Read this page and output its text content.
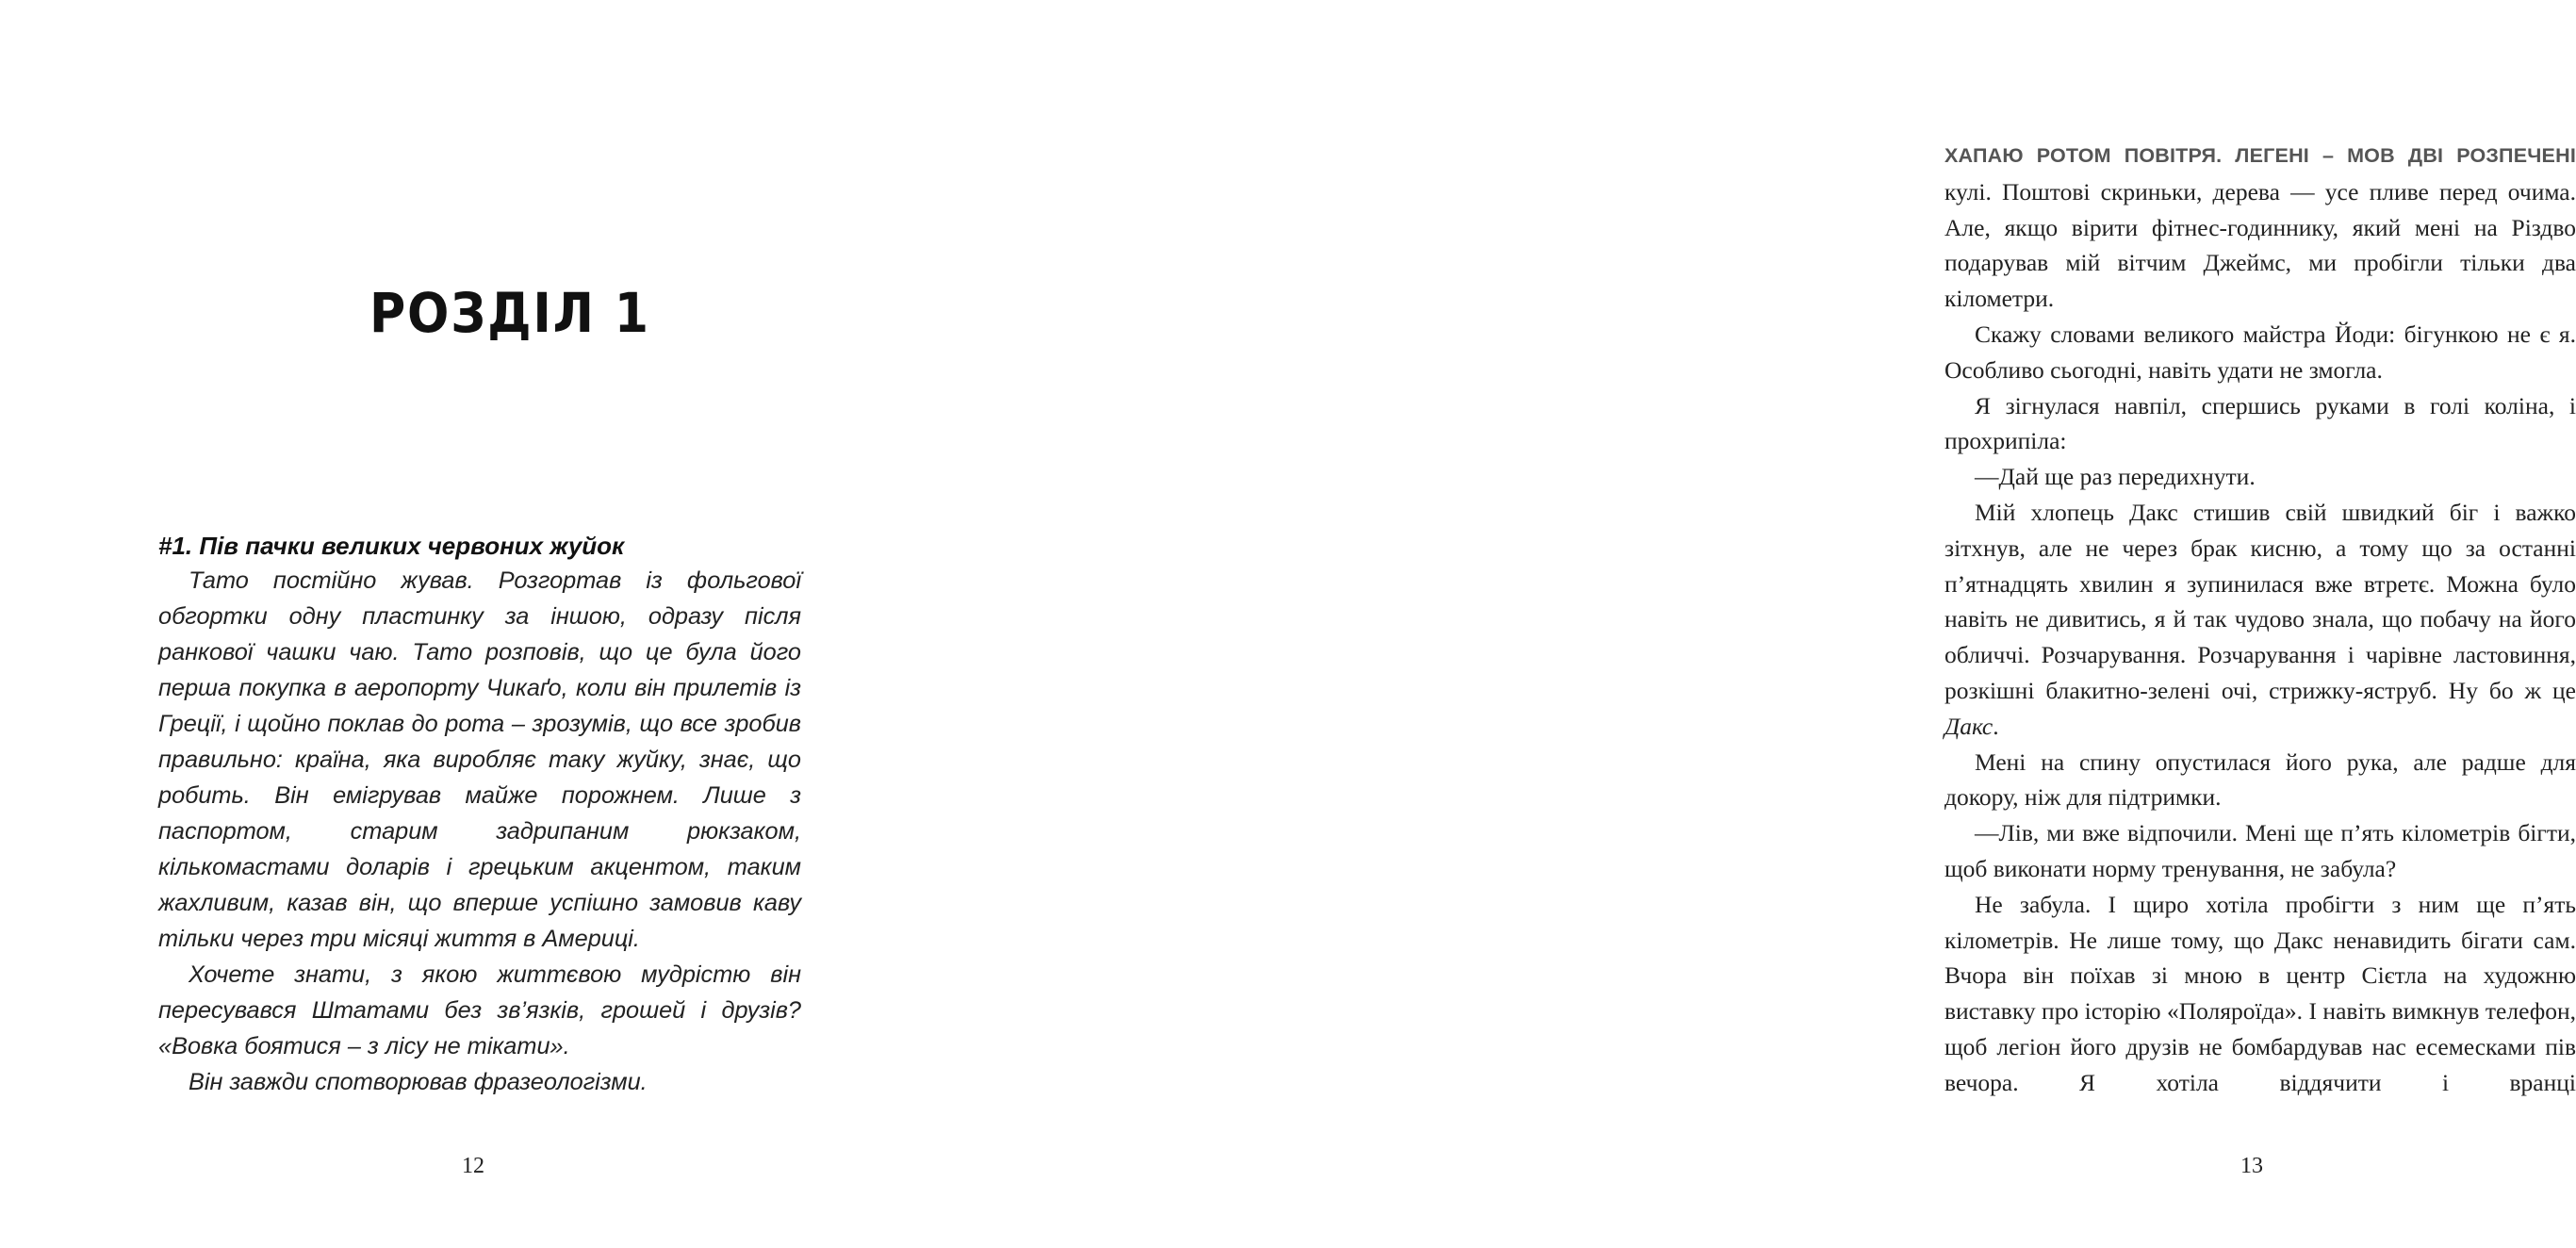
РОЗДІЛ 1
#1. Пів пачки великих червоних жуйок

Тато постійно жував. Розгортав із фольгової обгортки одну пластинку за іншою, одразу після ранкової чашки чаю. Тато розповів, що це була його перша покупка в аеропорту Чикаґо, коли він прилетів із Греції, і щойно поклав до рота – зрозумів, що все зробив правильно: країна, яка виробляє таку жуйку, знає, що робить. Він емігрував майже порожнем. Лише з паспортом, старим задрипаним рюкзаком, кількомастами доларів і грецьким акцентом, таким жахливим, казав він, що вперше успішно замовив каву тільки через три місяці життя в Америці.

Хочете знати, з якою життєвою мудрістю він пересувався Штатами без зв’язків, грошей і друзів? «Вовка боятися – з лісу не тікати».

Він завжди спотворював фразеологізми.

12

ХАПАЮ РОТОМ ПОВІТРЯ. ЛЕГЕНІ – МОВ ДВІ РОЗПЕЧЕНІ

кулі. Поштові скриньки, дерева — усе пливе перед очима. Але, якщо вірити фітнес-годиннику, який мені на Різдво подарував мій вітчим Джеймс, ми пробігли тільки два кілометри.

Скажу словами великого майстра Йоди: бігункою не є я. Особливо сьогодні, навіть удати не змогла.

Я зігнулася навпіл, спершись руками в голі коліна, і прохрипіла:

—Дай ще раз передихнути.

Мій хлопець Дакс стишив свій швидкий біг і важко зітхнув, але не через брак кисню, а тому що за останні п’ятнадцять хвилин я зупинилася вже втретє. Можна було навіть не дивитись, я й так чудово знала, що побачу на його обличчі. Розчарування. Розчарування і чарівне ластовиння, розкішні блакитно-зелені очі, стрижку-яструб. Ну бо ж це Дакс.

Мені на спину опустилася його рука, але радше для докору, ніж для підтримки.

—Лів, ми вже відпочили. Мені ще п’ять кілометрів бігти, щоб виконати норму тренування, не забула?

Не забула. І щиро хотіла пробігти з ним ще п’ять кілометрів. Не лише тому, що Дакс ненавидить бігати сам. Вчора він поїхав зі мною в центр Сієтла на художню виставку про історію «Поляроїда». І навіть вимкнув телефон, щоб легіон його друзів не бомбардував нас есемесками пів вечора. Я хотіла віддячити і вранці

13
